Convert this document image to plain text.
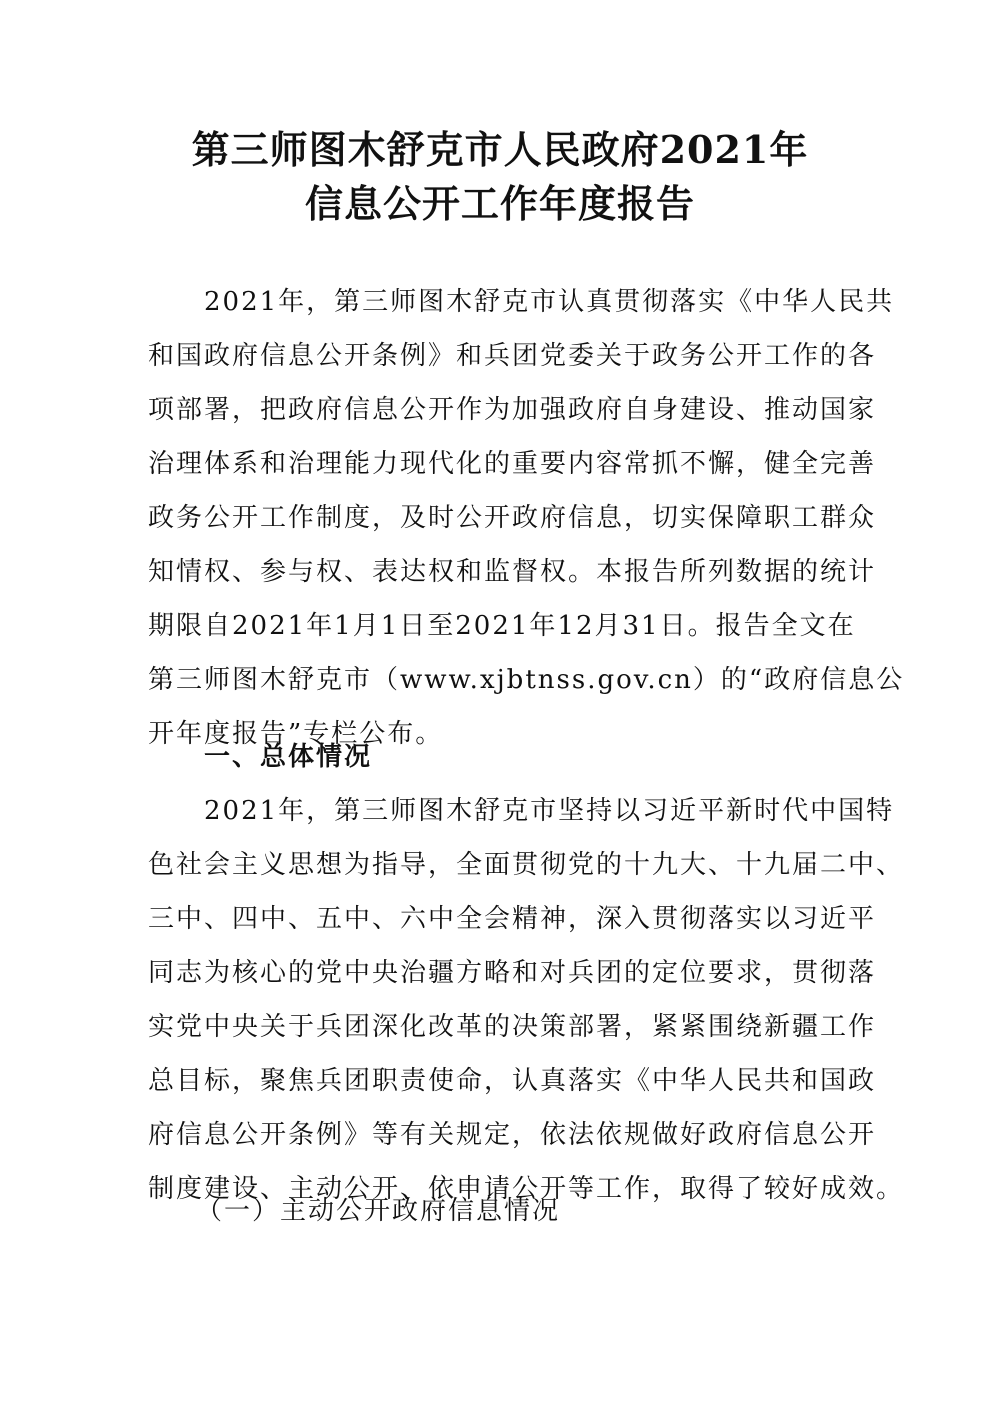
第三师图木舒克市人民政府2021年
信息公开工作年度报告
2021年，第三师图木舒克市认真贯彻落实《中华人民共
和国政府信息公开条例》和兵团党委关于政务公开工作的各
项部署，把政府信息公开作为加强政府自身建设、推动国家
治理体系和治理能力现代化的重要内容常抓不懈，健全完善
政务公开工作制度，及时公开政府信息，切实保障职工群众
知情权、参与权、表达权和监督权。本报告所列数据的统计
期限自2021年1月1日至2021年12月31日。报告全文在
第三师图木舒克市（www.xjbtnss.gov.cn）的“政府信息公
开年度报告”专栏公布。
一、总体情况
2021年，第三师图木舒克市坚持以习近平新时代中国特
色社会主义思想为指导，全面贯彻党的十九大、十九届二中、
三中、四中、五中、六中全会精神，深入贯彻落实以习近平
同志为核心的党中央治疆方略和对兵团的定位要求，贯彻落
实党中央关于兵团深化改革的决策部署，紧紧围绕新疆工作
总目标，聚焦兵团职责使命，认真落实《中华人民共和国政
府信息公开条例》等有关规定，依法依规做好政府信息公开
制度建设、主动公开、依申请公开等工作，取得了较好成效。
（一）主动公开政府信息情况
